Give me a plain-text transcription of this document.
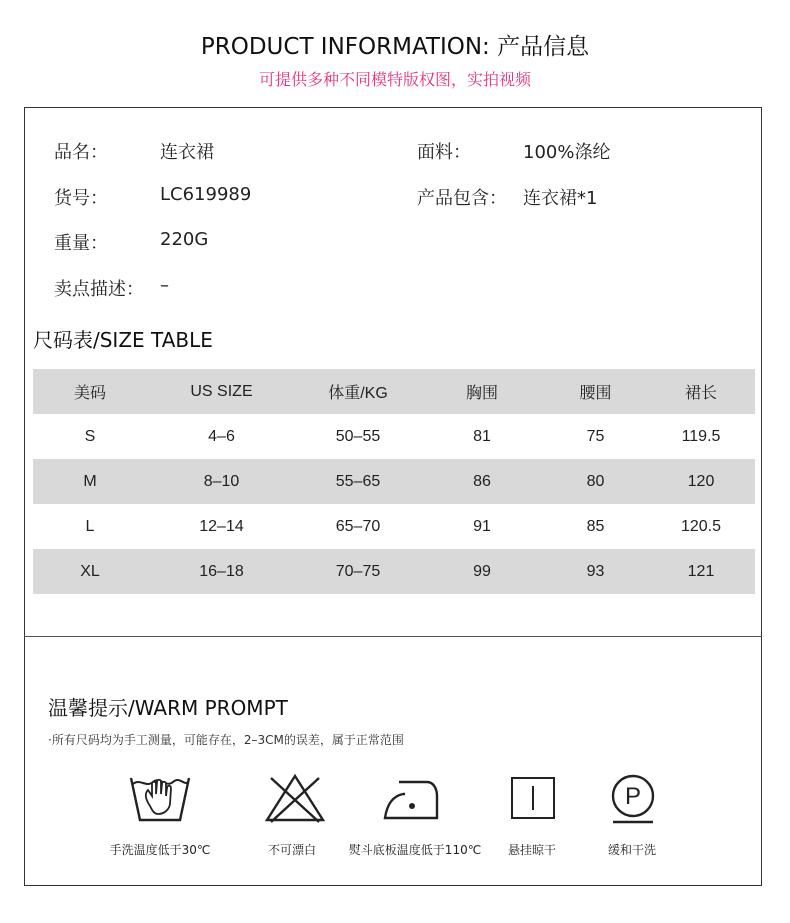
PRODUCT INFORMATION: 产品信息
可提供多种不同模特版权图，实拍视频
品名：	连衣裙	面料：	100%涤纶
货号：	LC619989	产品包含： 连衣裙*1
重量：	220G
卖点描述： –
尺码表/SIZE TABLE
美码	US SIZE	体重/KG	胸围	腰围	裙长
S	4–6	50–55	81	75	119.5
M	8–10	55–65	86	80	120
L	12–14	65–70	91	85	120.5
XL	16–18	70–75	99	93	121
温馨提示/WARM PROMPT
·所有尺码均为手工测量，可能存在，2–3CM的误差，属于正常范围
P
手洗温度低于30℃	不可漂白	熨斗底板温度低于110℃ 悬挂晾干	缓和干洗
